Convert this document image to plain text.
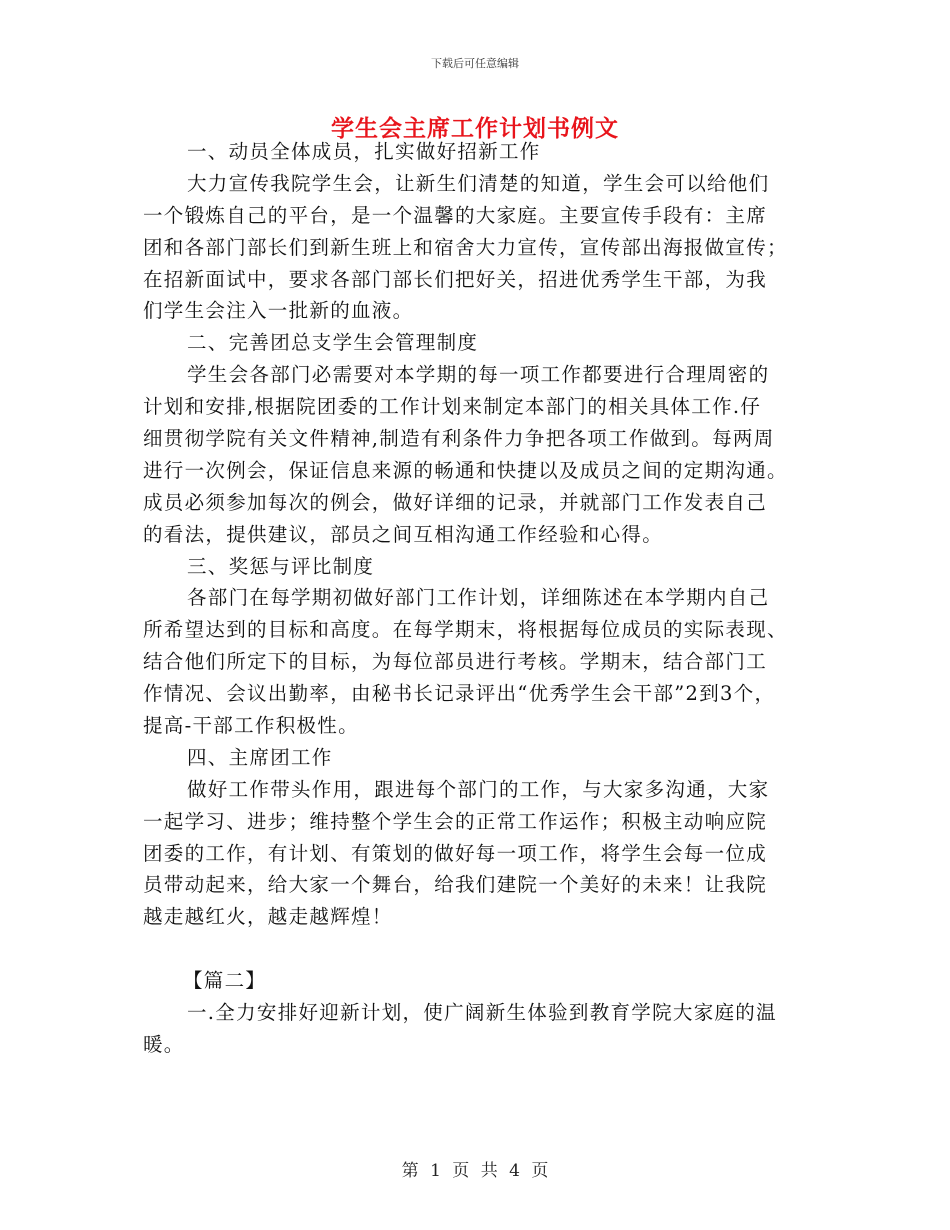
下载后可任意编辑
学生会主席工作计划书例文
一、动员全体成员，扎实做好招新工作
大力宣传我院学生会，让新生们清楚的知道，学生会可以给他们
一个锻炼自己的平台，是一个温馨的大家庭。主要宣传手段有：主席
团和各部门部长们到新生班上和宿舍大力宣传，宣传部出海报做宣传；
在招新面试中，要求各部门部长们把好关，招进优秀学生干部，为我
们学生会注入一批新的血液。
二、完善团总支学生会管理制度
学生会各部门必需要对本学期的每一项工作都要进行合理周密的
计划和安排,根据院团委的工作计划来制定本部门的相关具体工作.仔
细贯彻学院有关文件精神,制造有利条件力争把各项工作做到。每两周
进行一次例会，保证信息来源的畅通和快捷以及成员之间的定期沟通。
成员必须参加每次的例会，做好详细的记录，并就部门工作发表自己
的看法，提供建议，部员之间互相沟通工作经验和心得。
三、奖惩与评比制度
各部门在每学期初做好部门工作计划，详细陈述在本学期内自己
所希望达到的目标和高度。在每学期末，将根据每位成员的实际表现、
结合他们所定下的目标，为每位部员进行考核。学期末，结合部门工
作情况、会议出勤率，由秘书长记录评出“优秀学生会干部”2到3个，
提高-干部工作积极性。
四、主席团工作
做好工作带头作用，跟进每个部门的工作，与大家多沟通，大家
一起学习、进步；维持整个学生会的正常工作运作；积极主动响应院
团委的工作，有计划、有策划的做好每一项工作，将学生会每一位成
员带动起来，给大家一个舞台，给我们建院一个美好的未来！让我院
越走越红火，越走越辉煌！
【篇二】
一.全力安排好迎新计划，使广阔新生体验到教育学院大家庭的温
暖。
第 1 页 共 4 页
